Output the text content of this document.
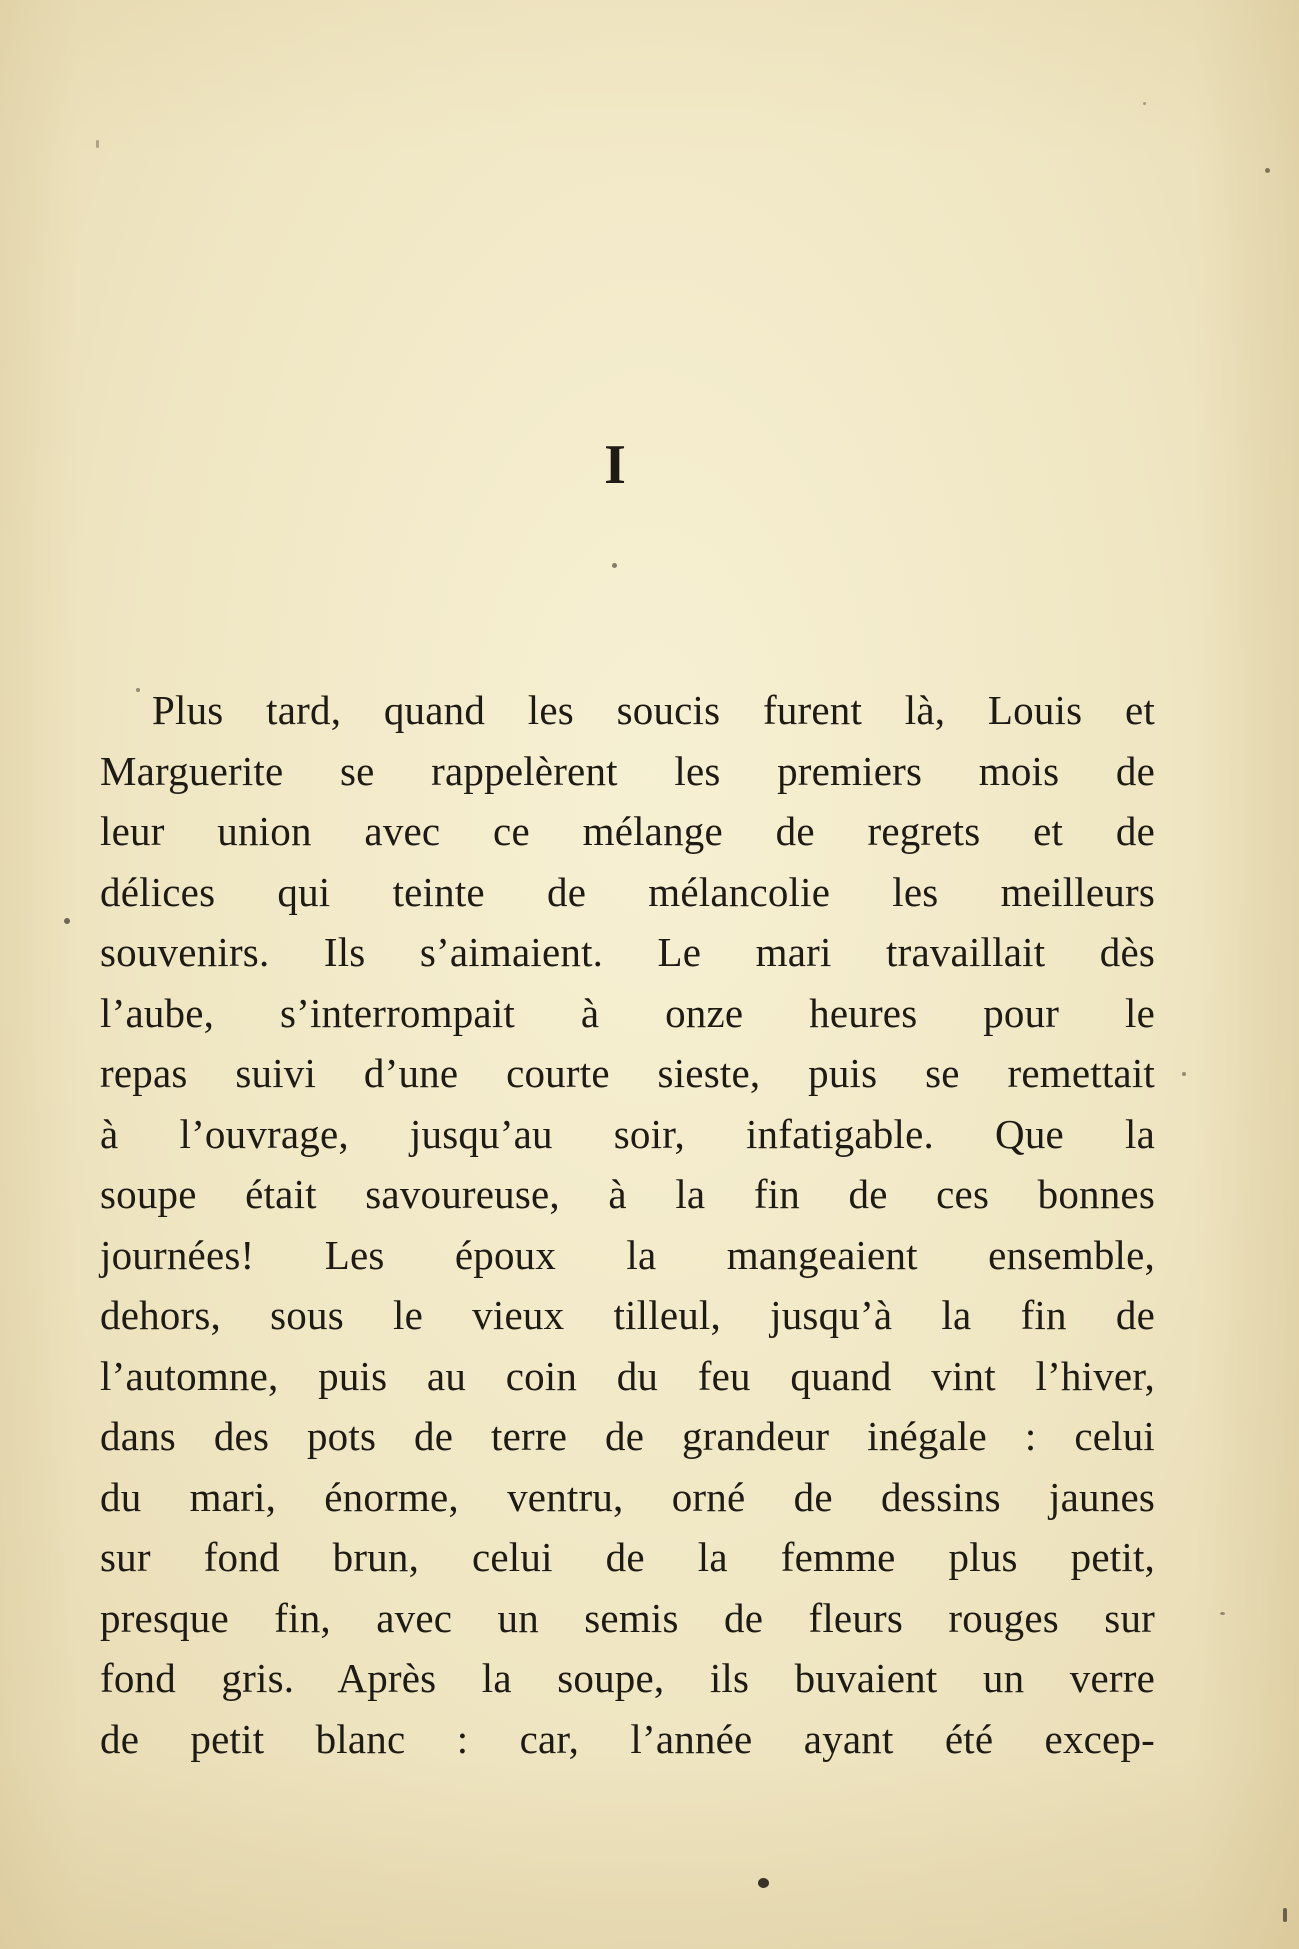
I
Plus tard, quand les soucis furent là, Louis et
Marguerite se rappelèrent les premiers mois de
leur union avec ce mélange de regrets et de
délices qui teinte de mélancolie les meilleurs
souvenirs. Ils s’aimaient. Le mari travaillait dès
l’aube, s’interrompait à onze heures pour le
repas suivi d’une courte sieste, puis se remettait
à l’ouvrage, jusqu’au soir, infatigable. Que la
soupe était savoureuse, à la fin de ces bonnes
journées! Les époux la mangeaient ensemble,
dehors, sous le vieux tilleul, jusqu’à la fin de
l’automne, puis au coin du feu quand vint l’hiver,
dans des pots de terre de grandeur inégale : celui
du mari, énorme, ventru, orné de dessins jaunes
sur fond brun, celui de la femme plus petit,
presque fin, avec un semis de fleurs rouges sur
fond gris. Après la soupe, ils buvaient un verre
de petit blanc : car, l’année ayant été excep-
